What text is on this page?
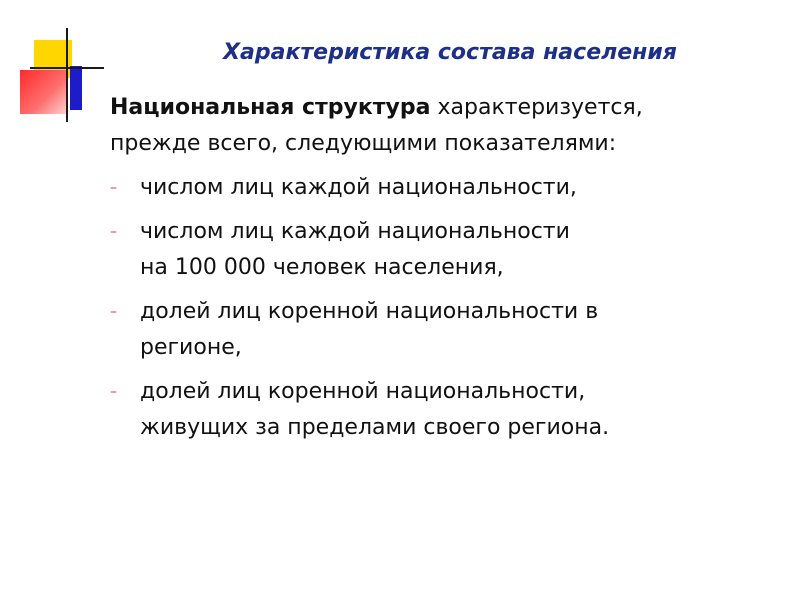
Характеристика состава населения

Национальная структура характеризуется,
прежде всего, следующими показателями:

–	числом лиц каждой национальности,
–	числом лиц каждой национальности
на 100 000 человек населения,
–	долей лиц коренной национальности в
регионе,
–	долей лиц коренной национальности,
живущих за пределами своего региона.
